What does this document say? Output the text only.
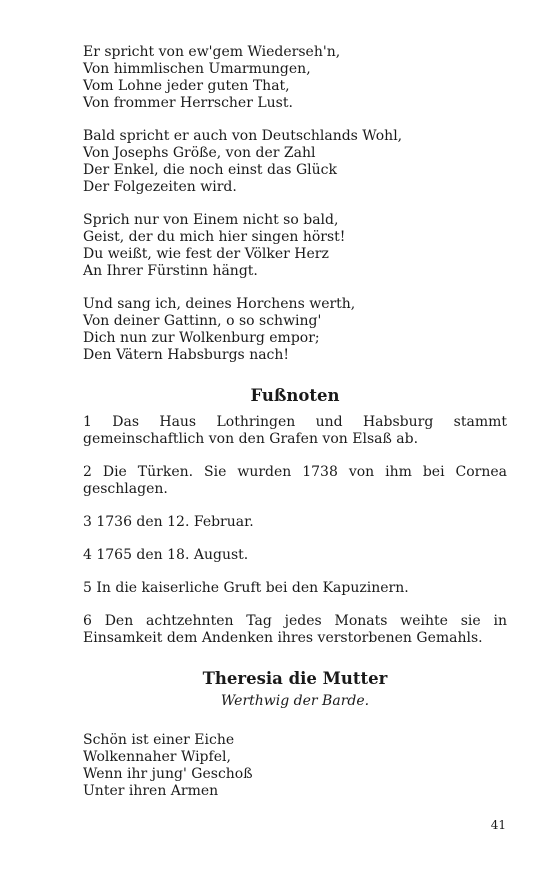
Er spricht von ew'gem Wiederseh'n,
Von himmlischen Umarmungen,
Vom Lohne jeder guten That,
Von frommer Herrscher Lust.
Bald spricht er auch von Deutschlands Wohl,
Von Josephs Größe, von der Zahl
Der Enkel, die noch einst das Glück
Der Folgezeiten wird.
Sprich nur von Einem nicht so bald,
Geist, der du mich hier singen hörst!
Du weißt, wie fest der Völker Herz
An Ihrer Fürstinn hängt.
Und sang ich, deines Horchens werth,
Von deiner Gattinn, o so schwing'
Dich nun zur Wolkenburg empor;
Den Vätern Habsburgs nach!
Fußnoten
1 Das Haus Lothringen und Habsburg stammt gemeinschaftlich von den Grafen von Elsaß ab.
2 Die Türken. Sie wurden 1738 von ihm bei Cornea geschlagen.
3 1736 den 12. Februar.
4 1765 den 18. August.
5 In die kaiserliche Gruft bei den Kapuzinern.
6 Den achtzehnten Tag jedes Monats weihte sie in Einsamkeit dem Andenken ihres verstorbenen Gemahls.
Theresia die Mutter
Werthwig der Barde.
Schön ist einer Eiche
Wolkennaher Wipfel,
Wenn ihr jung' Geschoß
Unter ihren Armen
41
